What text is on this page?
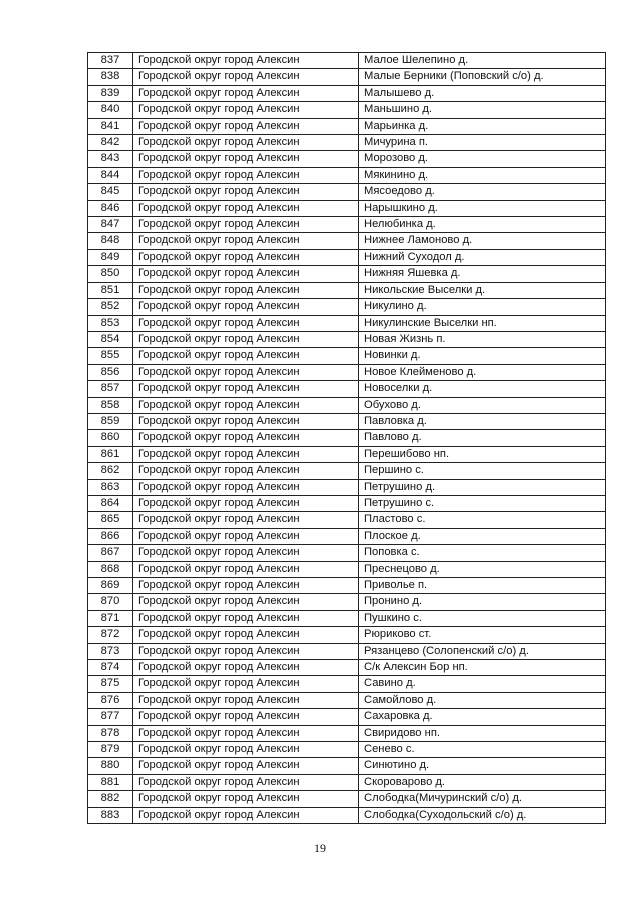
837	Городской округ город Алексин	Малое Шелепино д.
838	Городской округ город Алексин	Малые Берники (Поповский с/о) д.
839	Городской округ город Алексин	Малышево д.
840	Городской округ город Алексин	Маньшино д.
841	Городской округ город Алексин	Марьинка д.
842	Городской округ город Алексин	Мичурина п.
843	Городской округ город Алексин	Морозово д.
844	Городской округ город Алексин	Мякинино д.
845	Городской округ город Алексин	Мясоедово д.
846	Городской округ город Алексин	Нарышкино д.
847	Городской округ город Алексин	Нелюбинка д.
848	Городской округ город Алексин	Нижнее Ламоново д.
849	Городской округ город Алексин	Нижний Суходол д.
850	Городской округ город Алексин	Нижняя Яшевка д.
851	Городской округ город Алексин	Никольские Выселки д.
852	Городской округ город Алексин	Никулино д.
853	Городской округ город Алексин	Никулинские Выселки нп.
854	Городской округ город Алексин	Новая Жизнь п.
855	Городской округ город Алексин	Новинки д.
856	Городской округ город Алексин	Новое Клейменово д.
857	Городской округ город Алексин	Новоселки д.
858	Городской округ город Алексин	Обухово д.
859	Городской округ город Алексин	Павловка д.
860	Городской округ город Алексин	Павлово д.
861	Городской округ город Алексин	Перешибово нп.
862	Городской округ город Алексин	Першино с.
863	Городской округ город Алексин	Петрушино д.
864	Городской округ город Алексин	Петрушино с.
865	Городской округ город Алексин	Пластово с.
866	Городской округ город Алексин	Плоское д.
867	Городской округ город Алексин	Поповка с.
868	Городской округ город Алексин	Преснецово д.
869	Городской округ город Алексин	Приволье п.
870	Городской округ город Алексин	Пронино д.
871	Городской округ город Алексин	Пушкино с.
872	Городской округ город Алексин	Рюриково ст.
873	Городской округ город Алексин	Рязанцево (Солопенский с/о) д.
874	Городской округ город Алексин	С/к Алексин Бор нп.
875	Городской округ город Алексин	Савино д.
876	Городской округ город Алексин	Самойлово д.
877	Городской округ город Алексин	Сахаровка д.
878	Городской округ город Алексин	Свиридово нп.
879	Городской округ город Алексин	Сенево с.
880	Городской округ город Алексин	Синютино д.
881	Городской округ город Алексин	Скороварово д.
882	Городской округ город Алексин	Слободка(Мичуринский с/о) д.
883	Городской округ город Алексин	Слободка(Суходольский с/о) д.
19
